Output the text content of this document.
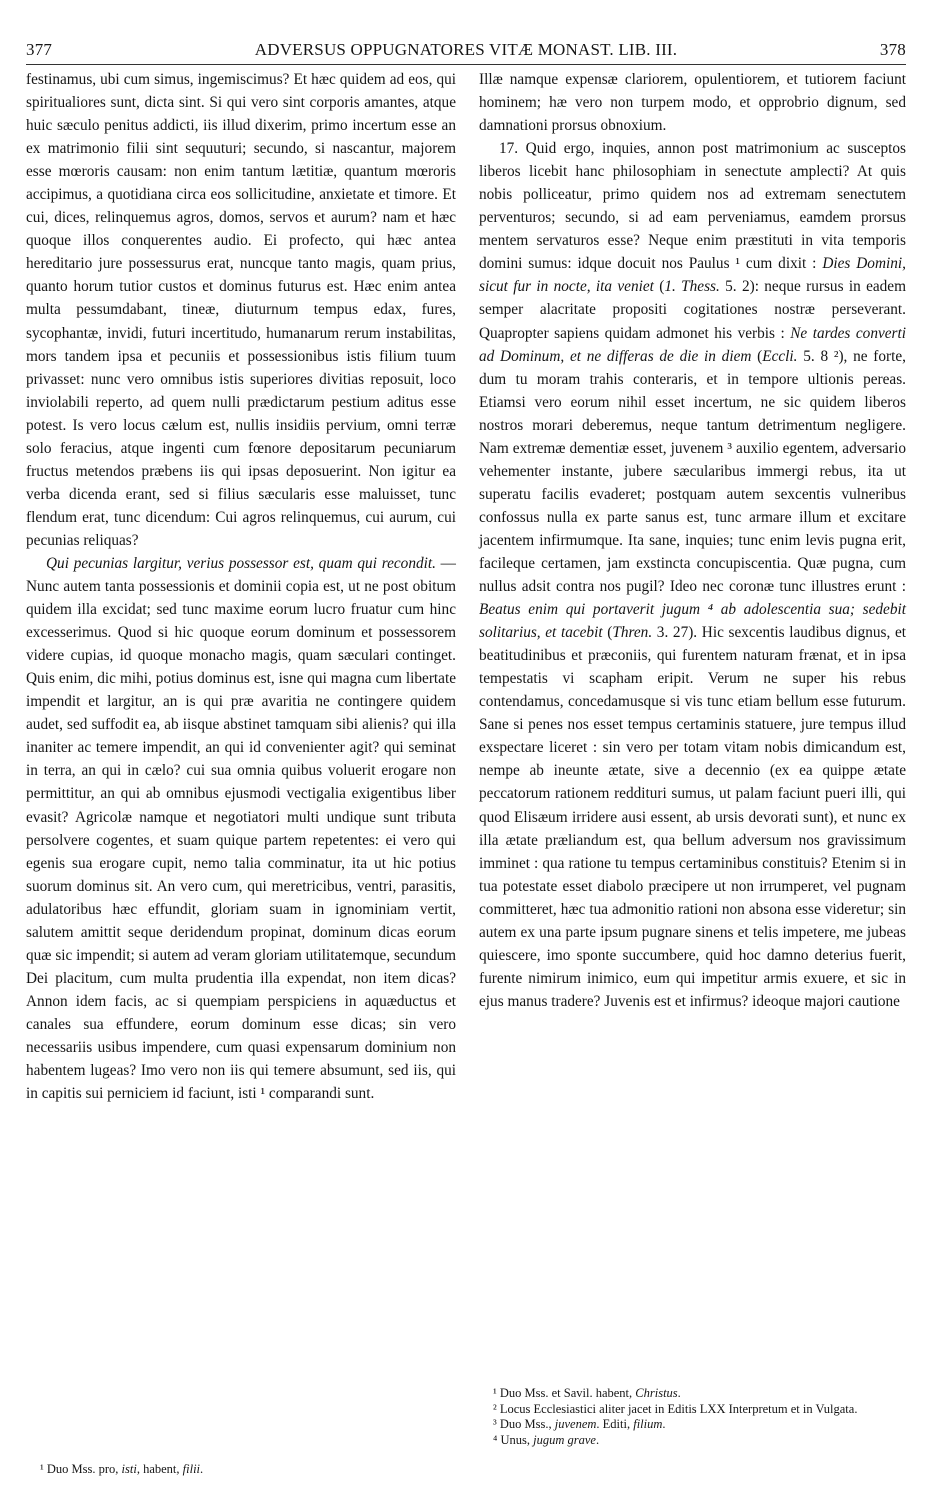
377	ADVERSUS OPPUGNATORES VITÆ MONAST. LIB. III.	378

festinamus, ubi cum simus, ingemiscimus? Et hæc quidem ad eos, qui spiritualiores sunt, dicta sint. Si qui vero sint corporis amantes, atque huic sæculo penitus addicti, iis illud dixerim, primo incertum esse an ex matrimonio filii sint sequuturi; secundo, si nascantur, majorem esse mœroris causam: non enim tantum lætitiæ, quantum mœroris accipimus, a quotidiana circa eos sollicitudine, anxietate et timore. Et cui, dices, relinquemus agros, domos, servos et aurum? nam et hæc quoque illos conquerentes audio. Ei profecto, qui hæc antea hereditario jure possessurus erat, nuncque tanto magis, quam prius, quanto horum tutior custos et dominus futurus est. Hæc enim antea multa pessumdabant, tineæ, diuturnum tempus edax, fures, sycophantæ, invidi, futuri incertitudo, humanarum rerum instabilitas, mors tandem ipsa et pecuniis et possessionibus istis filium tuum privasset: nunc vero omnibus istis superiores divitias reposuit, loco inviolabili reperto, ad quem nulli prædictarum pestium aditus esse potest. Is vero locus cælum est, nullis insidiis pervium, omni terræ solo feracius, atque ingenti cum fœnore depositarum pecuniarum fructus metendos præbens iis qui ipsas deposuerint. Non igitur ea verba dicenda erant, sed si filius sæcularis esse maluisset, tunc flendum erat, tunc dicendum: Cui agros relinquemus, cui aurum, cui pecunias reliquas?

Qui pecunias largitur, verius possessor est, quam qui recondit. — Nunc autem tanta possessionis et dominii copia est, ut ne post obitum quidem illa excidat; sed tunc maxime eorum lucro fruatur cum hinc excesserimus. Quod si hic quoque eorum dominum et possessorem videre cupias, id quoque monacho magis, quam sæculari continget. Quis enim, dic mihi, potius dominus est, isne qui magna cum libertate impendit et largitur, an is qui præ avaritia ne contingere quidem audet, sed suffodit ea, ab iisque abstinet tamquam sibi alienis? qui illa inaniter ac temere impendit, an qui id convenienter agit? qui seminat in terra, an qui in cælo? cui sua omnia quibus voluerit erogare non permittitur, an qui ab omnibus ejusmodi vectigalia exigentibus liber evasit? Agricolæ namque et negotiatori multi undique sunt tributa persolvere cogentes, et suam quique partem repetentes: ei vero qui egenis sua erogare cupit, nemo talia comminatur, ita ut hic potius suorum dominus sit. An vero cum, qui meretricibus, ventri, parasitis, adulatoribus hæc effundit, gloriam suam in ignominiam vertit, salutem amittit seque deridendum propinat, dominum dicas eorum quæ sic impendit; si autem ad veram gloriam utilitatemque, secundum Dei placitum, cum multa prudentia illa expendat, non item dicas? Annon idem facis, ac si quempiam perspiciens in aquæductus et canales sua effundere, eorum dominum esse dicas; sin vero necessariis usibus impendere, cum quasi expensarum dominium non habentem lugeas? Imo vero non iis qui temere absumunt, sed iis, qui in capitis sui perniciem id faciunt, isti ¹ comparandi sunt.

Illæ namque expensæ clariorem, opulentiorem, et tutiorem faciunt hominem; hæ vero non turpem modo, et opprobrio dignum, sed damnationi prorsus obnoxium.

17. Quid ergo, inquies, annon post matrimonium ac susceptos liberos licebit hanc philosophiam in senectute amplecti? At quis nobis polliceatur, primo quidem nos ad extremam senectutem perventuros; secundo, si ad eam perveniamus, eamdem prorsus mentem servaturos esse? Neque enim præstituti in vita temporis domini sumus: idque docuit nos Paulus ¹ cum dixit : Dies Domini, sicut fur in nocte, ita veniet (1. Thess. 5. 2): neque rursus in eadem semper alacritate propositi cogitationes nostræ perseverant. Quapropter sapiens quidam admonet his verbis : Ne tardes converti ad Dominum, et ne differas de die in diem (Eccli. 5. 8 ²), ne forte, dum tu moram trahis conteraris, et in tempore ultionis pereas. Etiamsi vero eorum nihil esset incertum, ne sic quidem liberos nostros morari deberemus, neque tantum detrimentum negligere. Nam extremæ dementiæ esset, juvenem ³ auxilio egentem, adversario vehementer instante, jubere sæcularibus immergi rebus, ita ut superatu facilis evaderet; postquam autem sexcentis vulneribus confossus nulla ex parte sanus est, tunc armare illum et excitare jacentem infirmumque. Ita sane, inquies; tunc enim levis pugna erit, facileque certamen, jam exstincta concupiscentia. Quæ pugna, cum nullus adsit contra nos pugil? Ideo nec coronæ tunc illustres erunt : Beatus enim qui portaverit jugum ⁴ ab adolescentia sua; sedebit solitarius, et tacebit (Thren. 3. 27). Hic sexcentis laudibus dignus, et beatitudinibus et præconiis, qui furentem naturam frænat, et in ipsa tempestatis vi scapham eripit. Verum ne super his rebus contendamus, concedamusque si vis tunc etiam bellum esse futurum. Sane si penes nos esset tempus certaminis statuere, jure tempus illud exspectare liceret : sin vero per totam vitam nobis dimicandum est, nempe ab ineunte ætate, sive a decennio (ex ea quippe ætate peccatorum rationem reddituri sumus, ut palam faciunt pueri illi, qui quod Elisæum irridere ausi essent, ab ursis devorati sunt), et nunc ex illa ætate præliandum est, qua bellum adversum nos gravissimum imminet : qua ratione tu tempus certaminibus constituis? Etenim si in tua potestate esset diabolo præcipere ut non irrumperet, vel pugnam committeret, hæc tua admonitio rationi non absona esse videretur; sin autem ex una parte ipsum pugnare sinens et telis impetere, me jubeas quiescere, imo sponte succumbere, quid hoc damno deterius fuerit, furente nimirum inimico, eum qui impetitur armis exuere, et sic in ejus manus tradere? Juvenis est et infirmus? ideoque majori cautione

¹ Duo Mss. pro, isti, habent, filii.

¹ Duo Mss. et Savil. habent, Christus.

² Locus Ecclesiastici aliter jacet in Editis LXX Interpretum et in Vulgata.

³ Duo Mss., juvenem. Editi, filium.

⁴ Unus, jugum grave.
